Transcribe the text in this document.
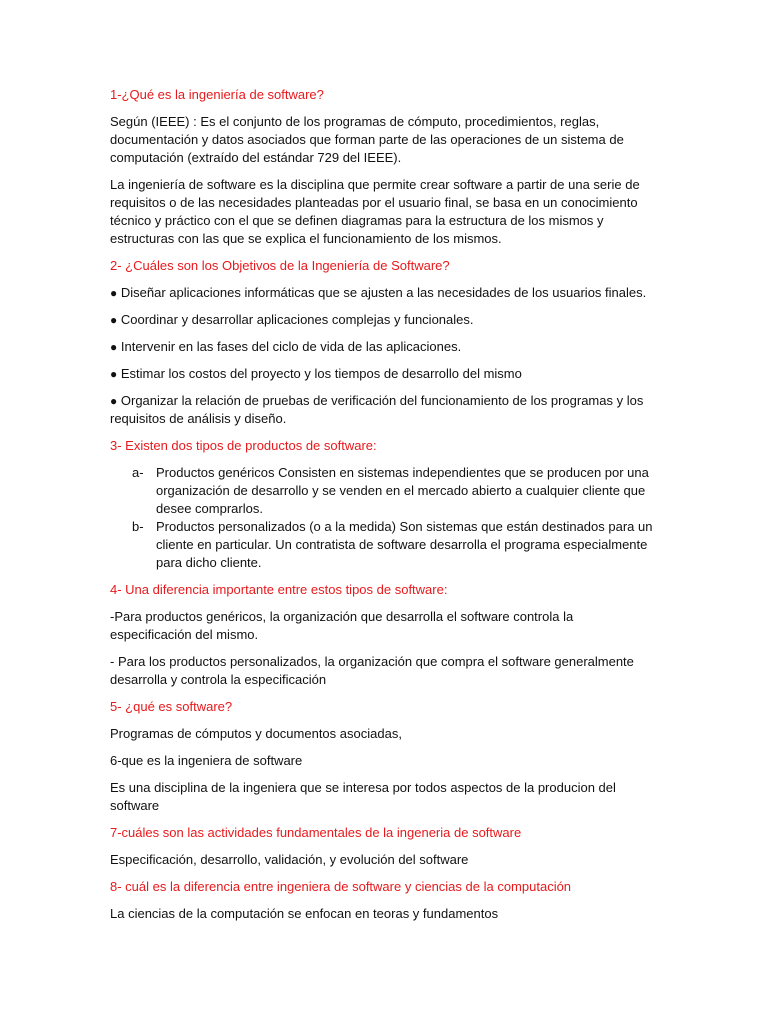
1-¿Qué es la ingeniería de software?
Según (IEEE) : Es el conjunto de los programas de cómputo, procedimientos, reglas, documentación y datos asociados que forman parte de las operaciones de un sistema de computación (extraído del estándar 729 del IEEE).
La ingeniería de software es la disciplina que permite crear software a partir de una serie de requisitos o de las necesidades planteadas por el usuario final, se basa en un conocimiento técnico y práctico con el que se definen diagramas para la estructura de los mismos y estructuras con las que se explica el funcionamiento de los mismos.
2- ¿Cuáles son los Objetivos de la Ingeniería de Software?
● Diseñar aplicaciones informáticas que se ajusten a las necesidades de los usuarios finales.
● Coordinar y desarrollar aplicaciones complejas y funcionales.
● Intervenir en las fases del ciclo de vida de las aplicaciones.
● Estimar los costos del proyecto y los tiempos de desarrollo del mismo
● Organizar la relación de pruebas de verificación del funcionamiento de los programas y los requisitos de análisis y diseño.
3- Existen dos tipos de productos de software:
a- Productos genéricos Consisten en sistemas independientes que se producen por una organización de desarrollo y se venden en el mercado abierto a cualquier cliente que desee comprarlos.
b- Productos personalizados (o a la medida) Son sistemas que están destinados para un cliente en particular. Un contratista de software desarrolla el programa especialmente para dicho cliente.
4- Una diferencia importante entre estos tipos de software:
-Para productos genéricos, la organización que desarrolla el software controla la especificación del mismo.
- Para los productos personalizados, la organización que compra el software generalmente desarrolla y controla la especificación
5- ¿qué es software?
Programas de cómputos y documentos asociadas,
6-que es la ingeniera de software
Es una disciplina de la ingeniera que se interesa por todos aspectos de la producion del software
7-cuáles son las actividades fundamentales de la ingeneria de software
Especificación, desarrollo, validación, y evolución del software
8- cuál es la diferencia entre ingeniera de software y ciencias de la computación
La ciencias de la computación se enfocan en teoras y fundamentos
